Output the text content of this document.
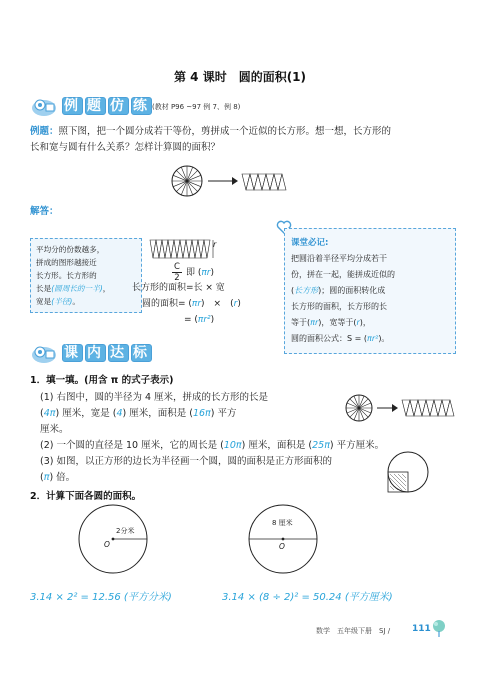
第 4 课时　圆的面积(1)
例 题 仿 练 (教材 P96 ~97 例 7、例 8)
例题：照下图，把一个圆分成若干等份，剪拼成一个近似的长方形。想一想，长方形的
长和宽与圆有什么关系？怎样计算圆的面积？
解答：
平均分的份数越多，
拼成的图形越接近
长方形。长方形的
长是(圆周长的一半)，
宽是(半径)。
r
C
2 即 (πr)
长方形的面积=长 × 宽
圆的面积= (πr)　×　(r)
= (πr²)
课堂必记:
把圆沿着半径平均分成若干
份，拼在一起，能拼成近似的
(长方形)；圆的面积转化成
长方形的面积，长方形的长
等于(πr)，宽等于(r)，
圆的面积公式：S = (πr²)。
课 内 达 标
1．填一填。(用含 π 的式子表示)
(1) 右图中，圆的半径为 4 厘米，拼成的长方形的长是
(4π) 厘米，宽是 (4) 厘米，面积是 (16π) 平方
厘米。
(2) 一个圆的直径是 10 厘米，它的周长是 (10π) 厘米，面积是 (25π) 平方厘米。
(3) 如图，以正方形的边长为半径画一个圆，圆的面积是正方形面积的
(π) 倍。
2．计算下面各圆的面积。
2分米
O
8 厘米
O
3.14 × 2² = 12.56 (平方分米)	3.14 × (8 ÷ 2)² = 50.24 (平方厘米)
数学　五年级下册　SJ / 111
